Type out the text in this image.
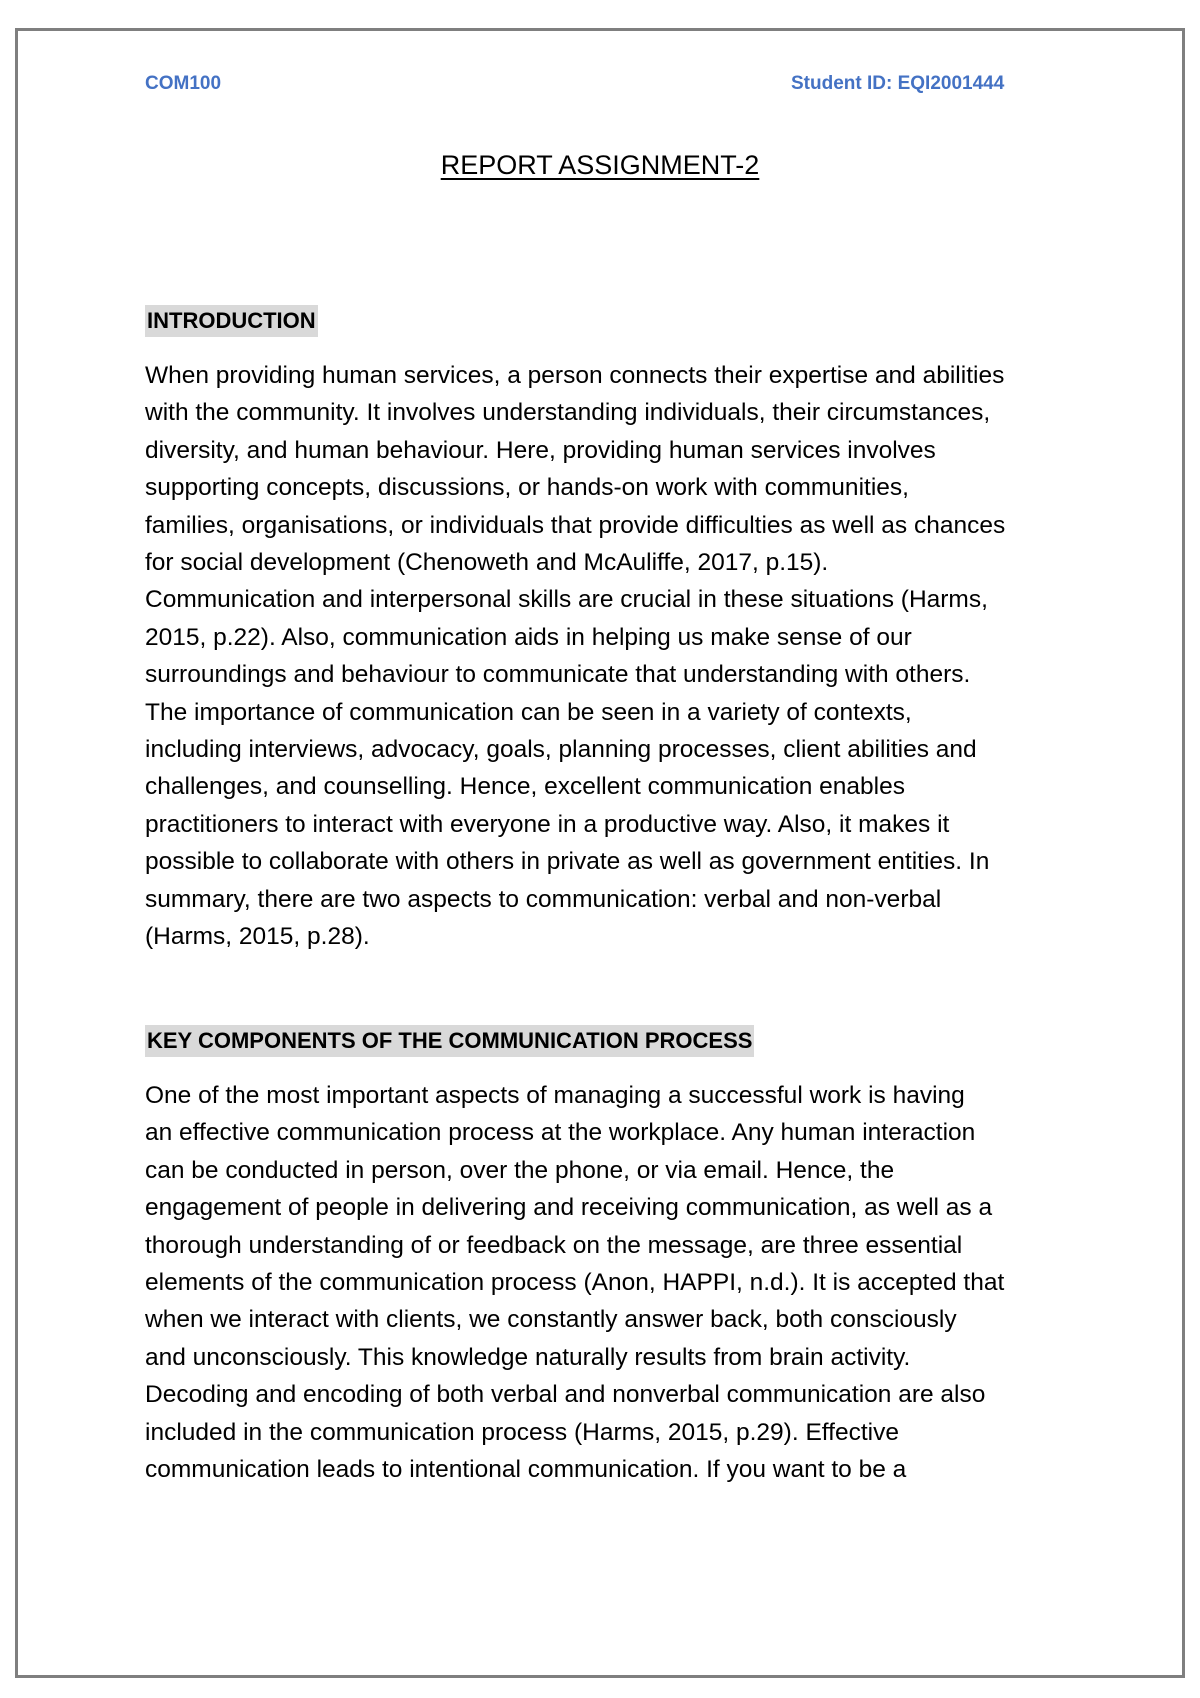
COM100	Student ID: EQI2001444
REPORT ASSIGNMENT-2
INTRODUCTION
When providing human services, a person connects their expertise and abilities
with the community. It involves understanding individuals, their circumstances,
diversity, and human behaviour. Here, providing human services involves
supporting concepts, discussions, or hands-on work with communities,
families, organisations, or individuals that provide difficulties as well as chances
for social development (Chenoweth and McAuliffe, 2017, p.15).
Communication and interpersonal skills are crucial in these situations (Harms,
2015, p.22). Also, communication aids in helping us make sense of our
surroundings and behaviour to communicate that understanding with others.
The importance of communication can be seen in a variety of contexts,
including interviews, advocacy, goals, planning processes, client abilities and
challenges, and counselling. Hence, excellent communication enables
practitioners to interact with everyone in a productive way. Also, it makes it
possible to collaborate with others in private as well as government entities. In
summary, there are two aspects to communication: verbal and non-verbal
(Harms, 2015, p.28).
KEY COMPONENTS OF THE COMMUNICATION PROCESS
One of the most important aspects of managing a successful work is having
an effective communication process at the workplace. Any human interaction
can be conducted in person, over the phone, or via email. Hence, the
engagement of people in delivering and receiving communication, as well as a
thorough understanding of or feedback on the message, are three essential
elements of the communication process (Anon, HAPPI, n.d.). It is accepted that
when we interact with clients, we constantly answer back, both consciously
and unconsciously. This knowledge naturally results from brain activity.
Decoding and encoding of both verbal and nonverbal communication are also
included in the communication process (Harms, 2015, p.29). Effective
communication leads to intentional communication. If you want to be a
